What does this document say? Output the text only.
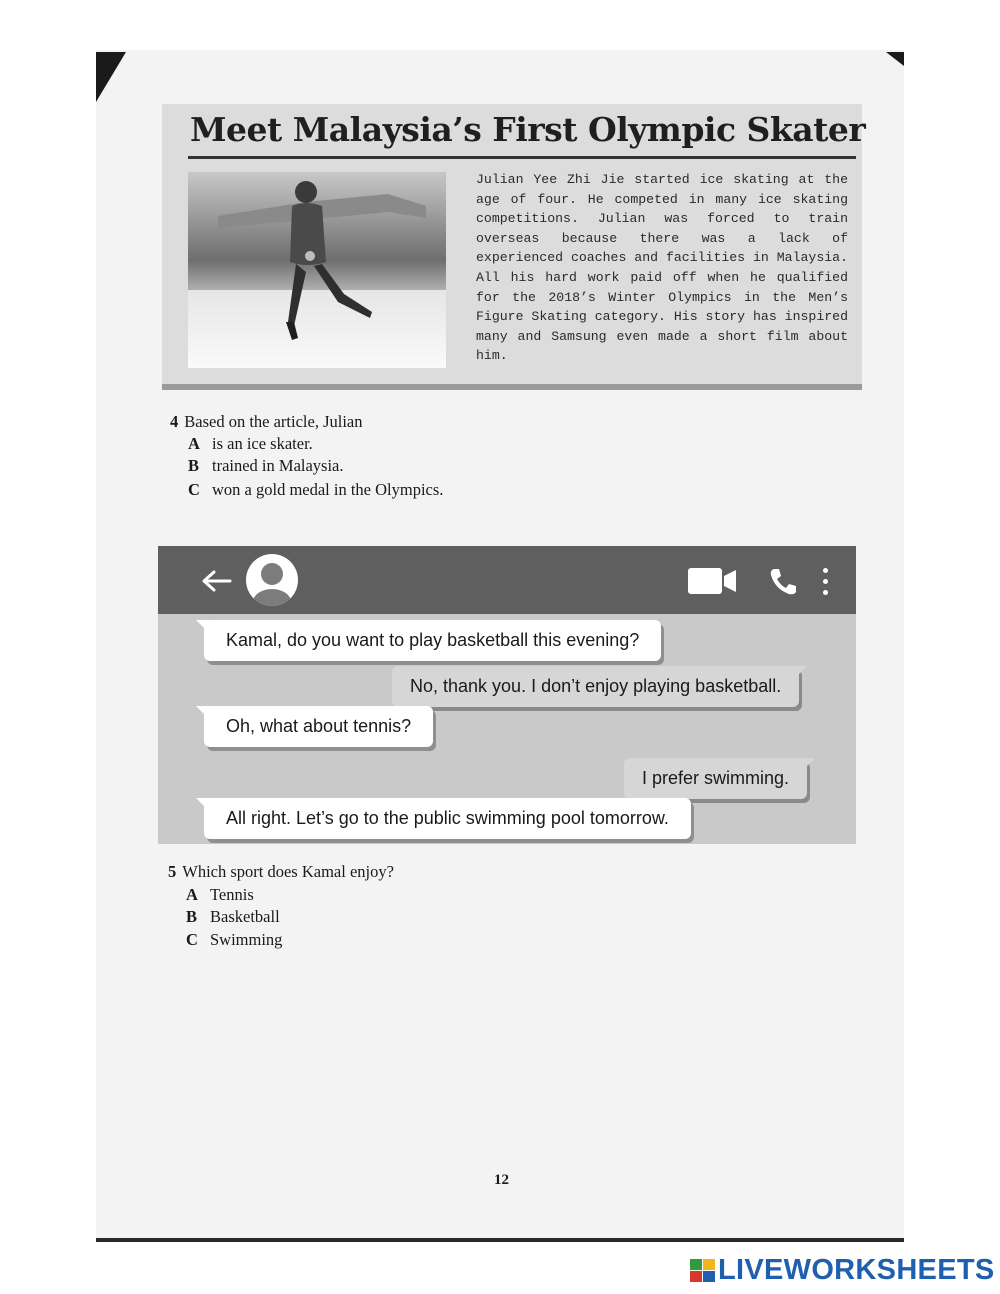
Meet Malaysia’s First Olympic Skater
Julian Yee Zhi Jie started ice skating at the age of four. He competed in many ice skating competitions. Julian was forced to train overseas because there was a lack of experienced coaches and facilities in Malaysia. All his hard work paid off when he qualified for the 2018’s Winter Olympics in the Men’s Figure Skating category. His story has inspired many and Samsung even made a short film about him.
4 Based on the article, Julian
A is an ice skater.
B trained in Malaysia.
C won a gold medal in the Olympics.
Kamal, do you want to play basketball this evening?
No, thank you. I don’t enjoy playing basketball.
Oh, what about tennis?
I prefer swimming.
All right. Let’s go to the public swimming pool tomorrow.
5 Which sport does Kamal enjoy?
A Tennis
B Basketball
C Swimming
12
LIVEWORKSHEETS
